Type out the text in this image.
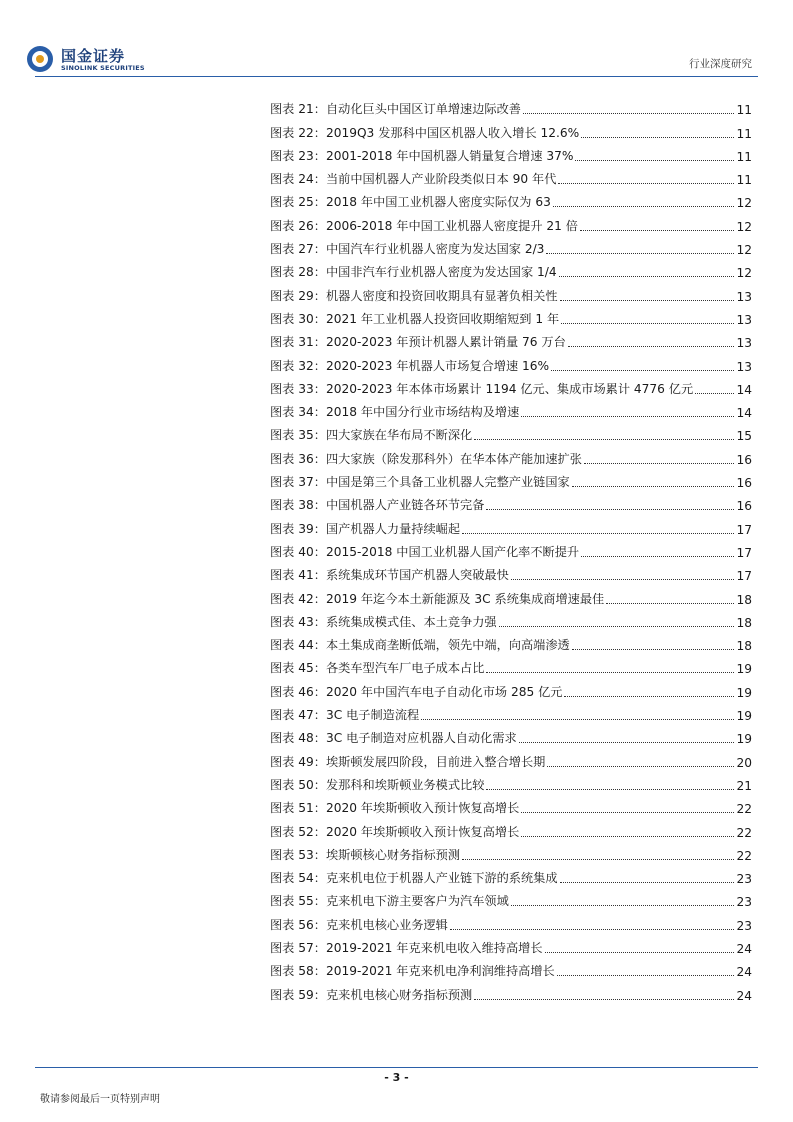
国金证券
SINOLINK SECURITIES	行业深度研究
图表 21： 自动化巨头中国区订单增速边际改善	11
图表 22： 2019Q3 发那科中国区机器人收入增长 12.6%	11
图表 23： 2001-2018 年中国机器人销量复合增速 37%	11
图表 24： 当前中国机器人产业阶段类似日本 90 年代	11
图表 25： 2018 年中国工业机器人密度实际仅为 63	12
图表 26： 2006-2018 年中国工业机器人密度提升 21 倍	12
图表 27： 中国汽车行业机器人密度为发达国家 2/3	12
图表 28： 中国非汽车行业机器人密度为发达国家 1/4	12
图表 29： 机器人密度和投资回收期具有显著负相关性	13
图表 30： 2021 年工业机器人投资回收期缩短到 1 年	13
图表 31： 2020-2023 年预计机器人累计销量 76 万台	13
图表 32： 2020-2023 年机器人市场复合增速 16%	13
图表 33： 2020-2023 年本体市场累计 1194 亿元、集成市场累计 4776 亿元	14
图表 34： 2018 年中国分行业市场结构及增速	14
图表 35： 四大家族在华布局不断深化	15
图表 36： 四大家族（除发那科外）在华本体产能加速扩张	16
图表 37： 中国是第三个具备工业机器人完整产业链国家	16
图表 38： 中国机器人产业链各环节完备	16
图表 39： 国产机器人力量持续崛起	17
图表 40： 2015-2018 中国工业机器人国产化率不断提升	17
图表 41： 系统集成环节国产机器人突破最快	17
图表 42： 2019 年迄今本土新能源及 3C 系统集成商增速最佳	18
图表 43： 系统集成模式佳、本土竞争力强	18
图表 44： 本土集成商垄断低端，领先中端，向高端渗透	18
图表 45： 各类车型汽车厂电子成本占比	19
图表 46： 2020 年中国汽车电子自动化市场 285 亿元	19
图表 47： 3C 电子制造流程	19
图表 48： 3C 电子制造对应机器人自动化需求	19
图表 49： 埃斯顿发展四阶段，目前进入整合增长期	20
图表 50： 发那科和埃斯顿业务模式比较	21
图表 51： 2020 年埃斯顿收入预计恢复高增长	22
图表 52： 2020 年埃斯顿收入预计恢复高增长	22
图表 53： 埃斯顿核心财务指标预测	22
图表 54： 克来机电位于机器人产业链下游的系统集成	23
图表 55： 克来机电下游主要客户为汽车领域	23
图表 56： 克来机电核心业务逻辑	23
图表 57： 2019-2021 年克来机电收入维持高增长	24
图表 58： 2019-2021 年克来机电净利润维持高增长	24
图表 59： 克来机电核心财务指标预测	24
- 3 -
敬请参阅最后一页特别声明
